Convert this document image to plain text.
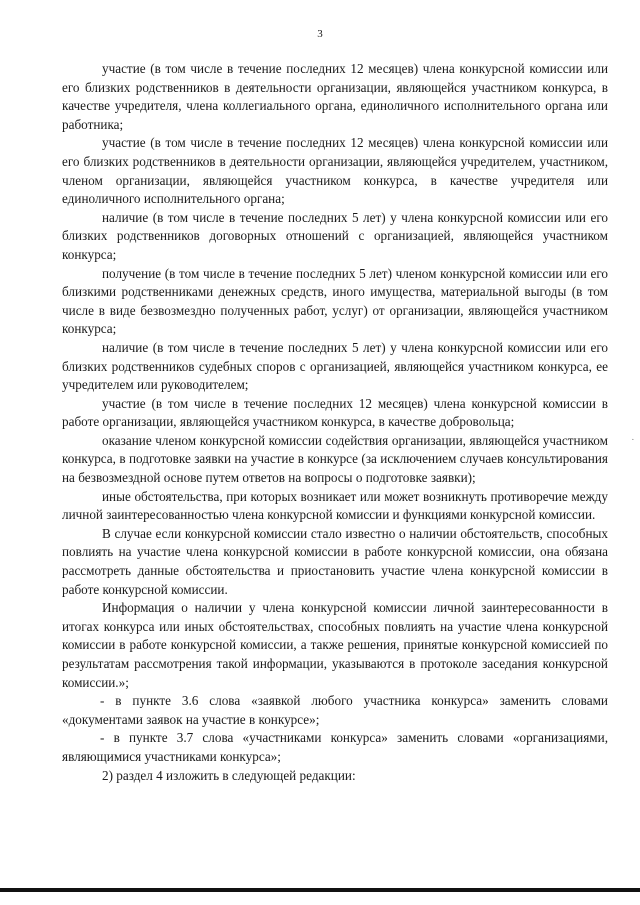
3

участие (в том числе в течение последних 12 месяцев) члена конкурсной комиссии или его близких родственников в деятельности организации, являющейся участником конкурса, в качестве учредителя, члена коллегиального органа, единоличного исполнительного органа или работника;

участие (в том числе в течение последних 12 месяцев) члена конкурсной комиссии или его близких родственников в деятельности организации, являющейся учредителем, участником, членом организации, являющейся участником конкурса, в качестве учредителя или единоличного исполнительного органа;

наличие (в том числе в течение последних 5 лет) у члена конкурсной комиссии или его близких родственников договорных отношений с организацией, являющейся участником конкурса;

получение (в том числе в течение последних 5 лет) членом конкурсной комиссии или его близкими родственниками денежных средств, иного имущества, материальной выгоды (в том числе в виде безвозмездно полученных работ, услуг) от организации, являющейся участником конкурса;

наличие (в том числе в течение последних 5 лет) у члена конкурсной комиссии или его близких родственников судебных споров с организацией, являющейся участником конкурса, ее учредителем или руководителем;

участие (в том числе в течение последних 12 месяцев) члена конкурсной комиссии в работе организации, являющейся участником конкурса, в качестве добровольца;

оказание членом конкурсной комиссии содействия организации, являющейся участником конкурса, в подготовке заявки на участие в конкурсе (за исключением случаев консультирования на безвозмездной основе путем ответов на вопросы о подготовке заявки);

иные обстоятельства, при которых возникает или может возникнуть противоречие между личной заинтересованностью члена конкурсной комиссии и функциями конкурсной комиссии.

В случае если конкурсной комиссии стало известно о наличии обстоятельств, способных повлиять на участие члена конкурсной комиссии в работе конкурсной комиссии, она обязана рассмотреть данные обстоятельства и приостановить участие члена конкурсной комиссии в работе конкурсной комиссии.

Информация о наличии у члена конкурсной комиссии личной заинтересованности в итогах конкурса или иных обстоятельствах, способных повлиять на участие члена конкурсной комиссии в работе конкурсной комиссии, а также решения, принятые конкурсной комиссией по результатам рассмотрения такой информации, указываются в протоколе заседания конкурсной комиссии.»;

- в пункте 3.6 слова «заявкой любого участника конкурса» заменить словами «документами заявок на участие в конкурсе»;

- в пункте 3.7 слова «участниками конкурса» заменить словами «организациями, являющимися участниками конкурса»;

2) раздел 4 изложить в следующей редакции:

.
